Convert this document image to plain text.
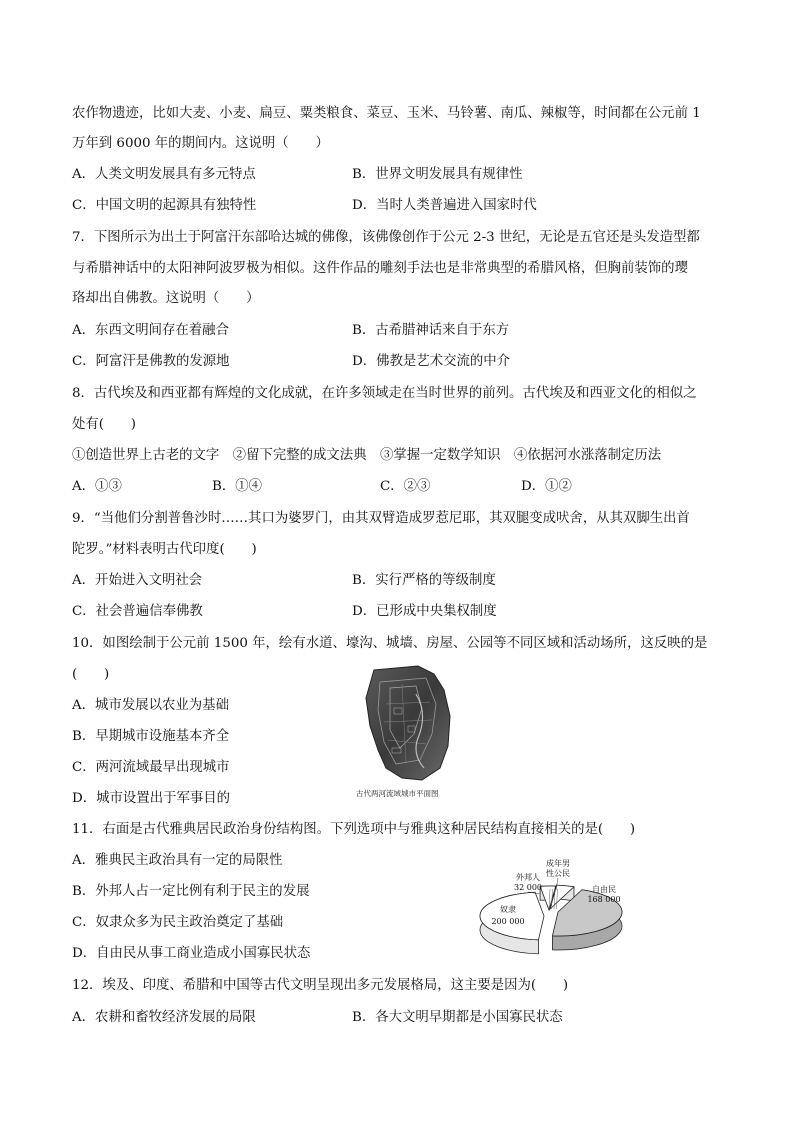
农作物遗迹，比如大麦、小麦、扁豆、粟类粮食、菜豆、玉米、马铃薯、南瓜、辣椒等，时间都在公元前 1
万年到 6000 年的期间内。这说明（　　）
A．人类文明发展具有多元特点	B．世界文明发展具有规律性
C．中国文明的起源具有独特性	D．当时人类普遍进入国家时代
7．下图所示为出土于阿富汗东部哈达城的佛像，该佛像创作于公元 2-3 世纪，无论是五官还是头发造型都
与希腊神话中的太阳神阿波罗极为相似。这件作品的雕刻手法也是非常典型的希腊风格，但胸前装饰的璎
珞却出自佛教。这说明（　　）
A．东西文明间存在着融合	B．古希腊神话来自于东方
C．阿富汗是佛教的发源地	D．佛教是艺术交流的中介
8．古代埃及和西亚都有辉煌的文化成就，在许多领域走在当时世界的前列。古代埃及和西亚文化的相似之
处有(　　)
①创造世界上古老的文字　②留下完整的成文法典　③掌握一定数学知识　④依据河水涨落制定历法
A．①③	B．①④	C．②③	D．①②
9．“当他们分割普鲁沙时……其口为婆罗门，由其双臂造成罗惹尼耶，其双腿变成吠舍，从其双脚生出首
陀罗。”材料表明古代印度(　　)
A．开始进入文明社会	B．实行严格的等级制度
C．社会普遍信奉佛教	D．已形成中央集权制度
10．如图绘制于公元前 1500 年，绘有水道、壕沟、城墙、房屋、公园等不同区域和活动场所，这反映的是
(　　)
A．城市发展以农业为基础
B．早期城市设施基本齐全
C．两河流域最早出现城市
D．城市设置出于军事目的	古代两河流域城市平面图
11．右面是古代雅典居民政治身份结构图。下列选项中与雅典这种居民结构直接相关的是(　　)
A．雅典民主政治具有一定的局限性
B．外邦人占一定比例有利于民主的发展
C．奴隶众多为民主政治奠定了基础
D．自由民从事工商业造成小国寡民状态
奴隶
200 000
外邦人
32 000
成年男
性公民
自由民
168 000
12．埃及、印度、希腊和中国等古代文明呈现出多元发展格局，这主要是因为(　　)
A．农耕和畜牧经济发展的局限	B．各大文明早期都是小国寡民状态
